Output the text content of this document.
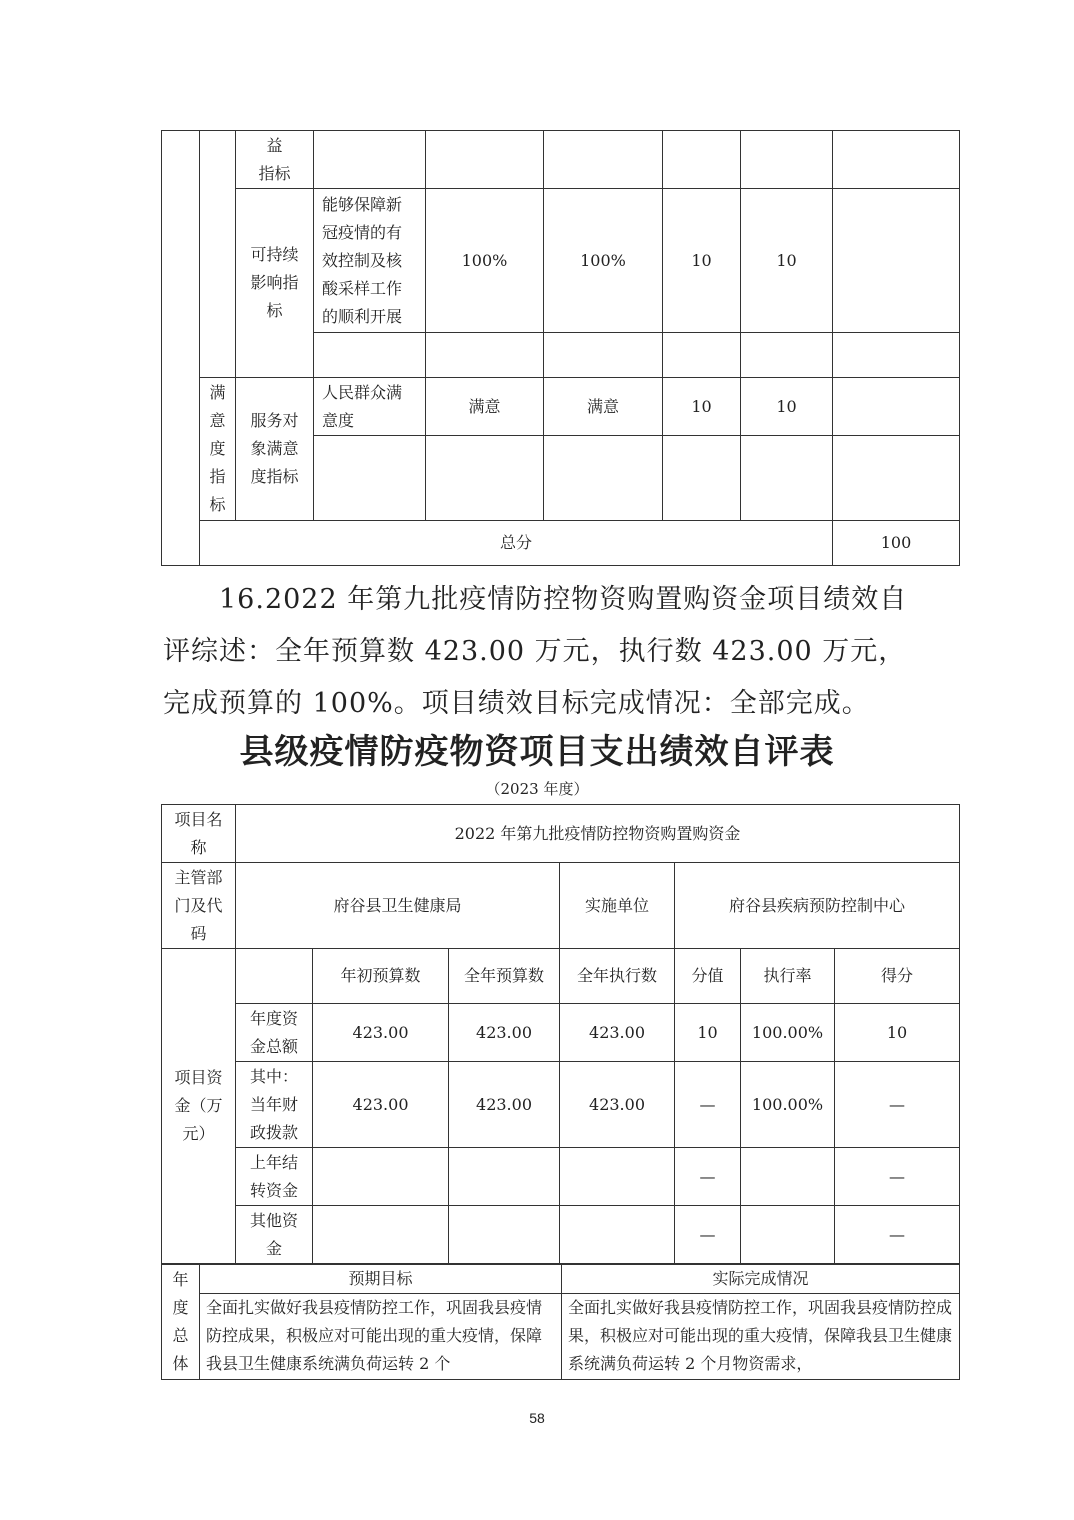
		益
指标							
		可持续影响指标	能够保障新冠疫情的有效控制及核酸采样工作的顺利开展	100%	100%	10	10		

	满意度指标	服务对象满意度指标	人民群众满意度	满意	满意	10	10		

	总分							100	

16.2022 年第九批疫情防控物资购置购资金项目绩效自评综述：全年预算数 423.00 万元，执行数 423.00 万元，完成预算的 100%。项目绩效目标完成情况：全部完成。

县级疫情防疫物资项目支出绩效自评表
（2023 年度）
项目名称	2022 年第九批疫情防控物资购置购资金						
主管部门及代码	府谷县卫生健康局			实施单位	府谷县疾病预防控制中心		
项目资金（万元）		年初预算数	全年预算数	全年执行数	分值	执行率	得分
	年度资金总额	423.00	423.00	423.00	10	100.00%	10
	其中：当年财政拨款	423.00	423.00	423.00	—	100.00%	—
	上年结转资金				—		—
	其他资金				—		—
年度总体	预期目标	实际完成情况
	全面扎实做好我县疫情防控工作，巩固我县疫情防控成果，积极应对可能出现的重大疫情，保障我县卫生健康系统满负荷运转 2 个	全面扎实做好我县疫情防控工作，巩固我县疫情防控成果，积极应对可能出现的重大疫情，保障我县卫生健康系统满负荷运转 2 个月物资需求，
58
